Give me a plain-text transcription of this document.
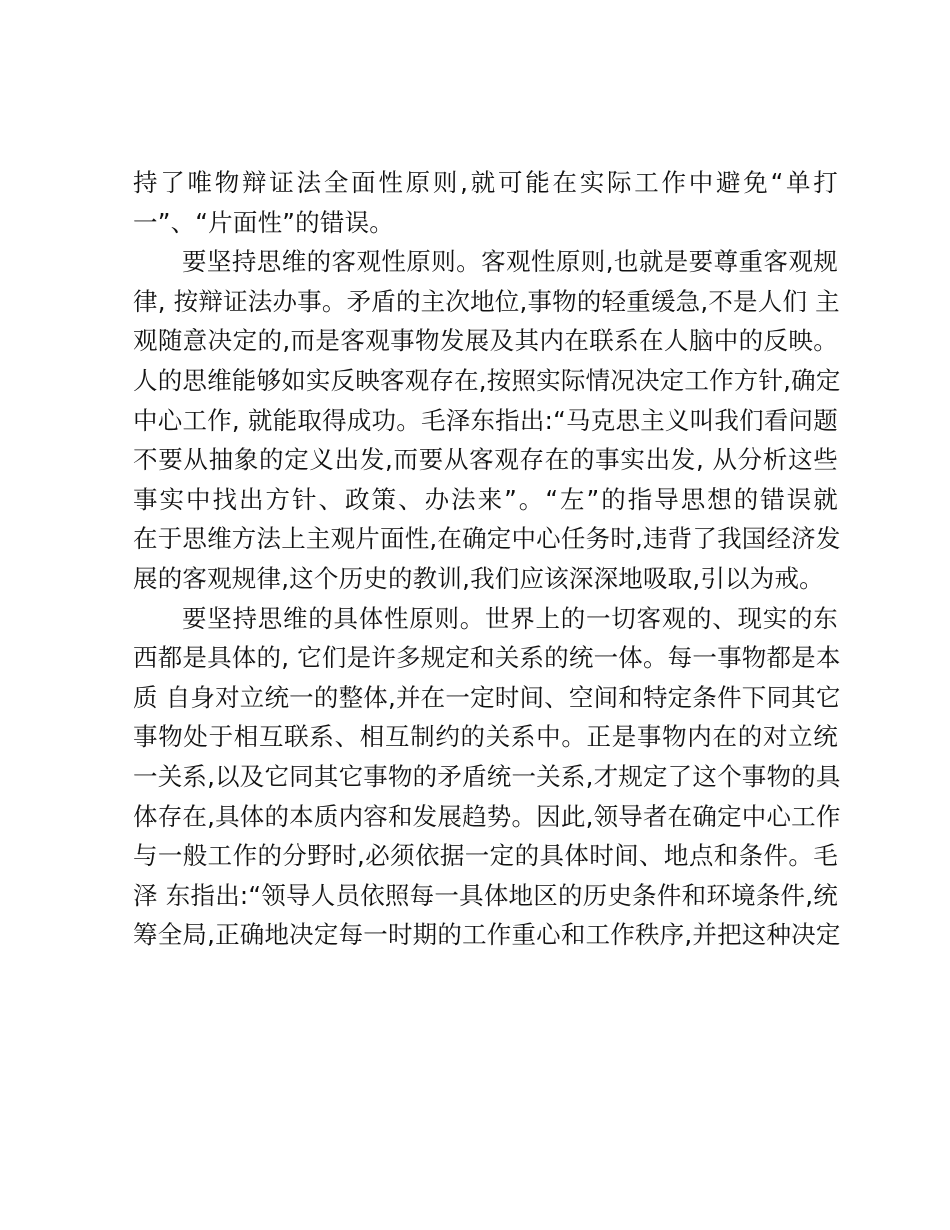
持了唯物辩证法全面性原则,就可能在实际工作中避免“单打
一”、“片面性”的错误。
要坚持思维的客观性原则。客观性原则,也就是要尊重客观规
律, 按辩证法办事。矛盾的主次地位,事物的轻重缓急,不是人们 主
观随意决定的,而是客观事物发展及其内在联系在人脑中的反映。
人的思维能够如实反映客观存在,按照实际情况决定工作方针,确定
中心工作, 就能取得成功。毛泽东指出:“马克思主义叫我们看问题
不要从抽象的定义出发,而要从客观存在的事实出发, 从分析这些
事实中找出方针、政策、办法来”。“左”的指导思想的错误就
在于思维方法上主观片面性,在确定中心任务时,违背了我国经济发
展的客观规律,这个历史的教训,我们应该深深地吸取,引以为戒。
要坚持思维的具体性原则。世界上的一切客观的、现实的东
西都是具体的, 它们是许多规定和关系的统一体。每一事物都是本
质 自身对立统一的整体,并在一定时间、空间和特定条件下同其它
事物处于相互联系、相互制约的关系中。正是事物内在的对立统
一关系,以及它同其它事物的矛盾统一关系,才规定了这个事物的具
体存在,具体的本质内容和发展趋势。因此,领导者在确定中心工作
与一般工作的分野时,必须依据一定的具体时间、地点和条件。毛
泽 东指出:“领导人员依照每一具体地区的历史条件和环境条件,统
筹全局,正确地决定每一时期的工作重心和工作秩序,并把这种决定
